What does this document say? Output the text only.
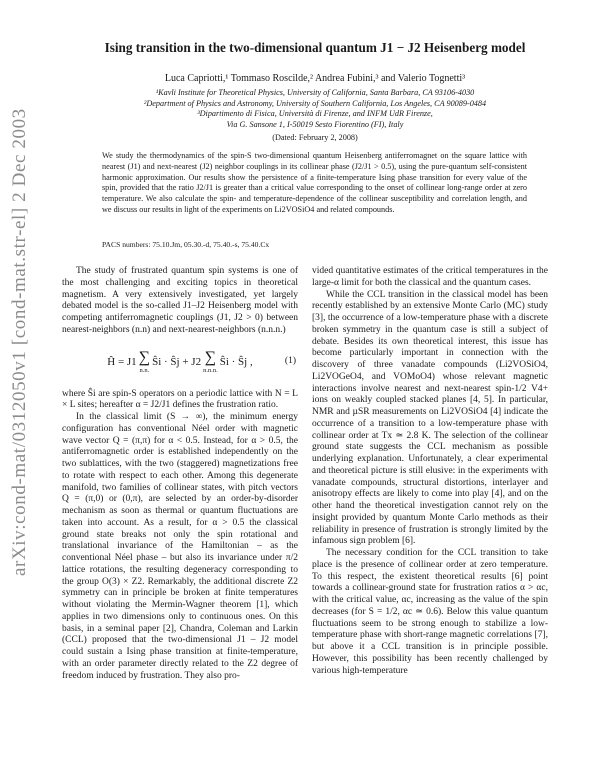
arXiv:cond-mat/0312050v1 [cond-mat.str-el] 2 Dec 2003
Ising transition in the two-dimensional quantum J1 − J2 Heisenberg model
Luca Capriotti,¹ Tommaso Roscilde,² Andrea Fubini,³ and Valerio Tognetti³
¹Kavli Institute for Theoretical Physics, University of California, Santa Barbara, CA 93106-4030
²Department of Physics and Astronomy, University of Southern California, Los Angeles, CA 90089-0484
³Dipartimento di Fisica, Università di Firenze, and INFM UdR Firenze,
Via G. Sansone 1, I-50019 Sesto Fiorentino (FI), Italy
(Dated: February 2, 2008)
We study the thermodynamics of the spin-S two-dimensional quantum Heisenberg antiferromagnet on the square lattice with nearest (J1) and next-nearest (J2) neighbor couplings in its collinear phase (J2/J1 > 0.5), using the pure-quantum self-consistent harmonic approximation. Our results show the persistence of a finite-temperature Ising phase transition for every value of the spin, provided that the ratio J2/J1 is greater than a critical value corresponding to the onset of collinear long-range order at zero temperature. We also calculate the spin- and temperature-dependence of the collinear susceptibility and correlation length, and we discuss our results in light of the experiments on Li2VOSiO4 and related compounds.
PACS numbers: 75.10.Jm, 05.30.-d, 75.40.-s, 75.40.Cx

The study of frustrated quantum spin systems is one of the most challenging and exciting topics in theoretical magnetism. A very extensively investigated, yet largely debated model is the so-called J1–J2 Heisenberg model with competing antiferromagnetic couplings (J1, J2 > 0) between nearest-neighbors (n.n) and next-nearest-neighbors (n.n.n.)

Ĥ = J1 ∑
n.n.
Ŝi · Ŝj + J2 ∑
n.n.n.
Ŝi · Ŝj ,	(1)

where Ŝi are spin-S operators on a periodic lattice with N = L × L sites; hereafter α = J2/J1 defines the frustration ratio.

In the classical limit (S → ∞), the minimum energy configuration has conventional Néel order with magnetic wave vector Q = (π,π) for α < 0.5. Instead, for α > 0.5, the antiferromagnetic order is established independently on the two sublattices, with the two (staggered) magnetizations free to rotate with respect to each other. Among this degenerate manifold, two families of collinear states, with pitch vectors Q = (π,0) or (0,π), are selected by an order-by-disorder mechanism as soon as thermal or quantum fluctuations are taken into account. As a result, for α > 0.5 the classical ground state breaks not only the spin rotational and translational invariance of the Hamiltonian – as the conventional Néel phase – but also its invariance under π/2 lattice rotations, the resulting degeneracy corresponding to the group O(3) × Z2. Remarkably, the additional discrete Z2 symmetry can in principle be broken at finite temperatures without violating the Mermin-Wagner theorem [1], which applies in two dimensions only to continuous ones. On this basis, in a seminal paper [2], Chandra, Coleman and Larkin (CCL) proposed that the two-dimensional J1 – J2 model could sustain a Ising phase transition at finite-temperature, with an order parameter directly related to the Z2 degree of freedom induced by frustration. They also pro-

vided quantitative estimates of the critical temperatures in the large-α limit for both the classical and the quantum cases.

While the CCL transition in the classical model has been recently established by an extensive Monte Carlo (MC) study [3], the occurrence of a low-temperature phase with a discrete broken symmetry in the quantum case is still a subject of debate. Besides its own theoretical interest, this issue has become particularly important in connection with the discovery of three vanadate compounds (Li2VOSiO4, Li2VOGeO4, and VOMoO4) whose relevant magnetic interactions involve nearest and next-nearest spin-1/2 V4+ ions on weakly coupled stacked planes [4, 5]. In particular, NMR and µSR measurements on Li2VOSiO4 [4] indicate the occurrence of a transition to a low-temperature phase with collinear order at Tx ≃ 2.8 K. The selection of the collinear ground state suggests the CCL mechanism as possible underlying explanation. Unfortunately, a clear experimental and theoretical picture is still elusive: in the experiments with vanadate compounds, structural distortions, interlayer and anisotropy effects are likely to come into play [4], and on the other hand the theoretical investigation cannot rely on the insight provided by quantum Monte Carlo methods as their reliability in presence of frustration is strongly limited by the infamous sign problem [6].

The necessary condition for the CCL transition to take place is the presence of collinear order at zero temperature. To this respect, the existent theoretical results [6] point towards a collinear-ground state for frustration ratios α > αc, with the critical value, αc, increasing as the value of the spin decreases (for S = 1/2, αc ≃ 0.6). Below this value quantum fluctuations seem to be strong enough to stabilize a low-temperature phase with short-range magnetic correlations [7], but above it a CCL transition is in principle possible. However, this possibility has been recently challenged by various high-temperature
